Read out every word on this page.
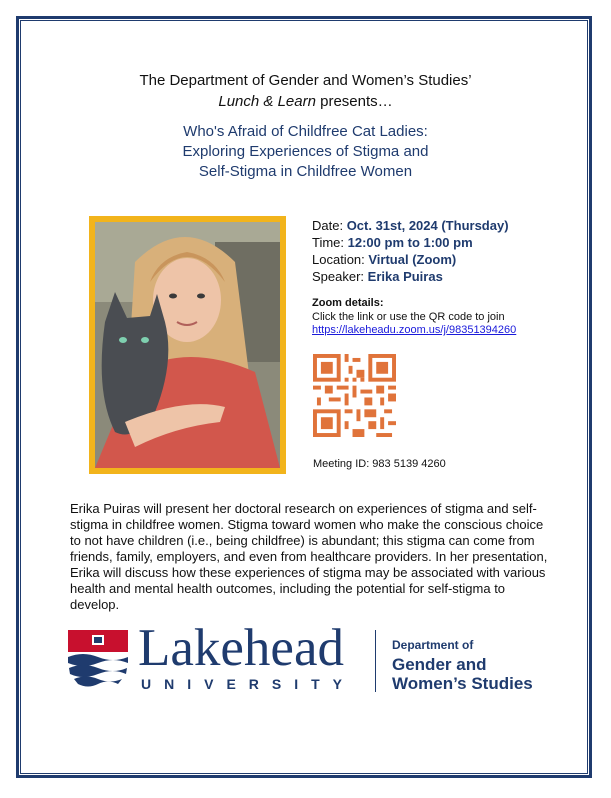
The Department of Gender and Women’s Studies’
Lunch & Learn presents…
Who's Afraid of Childfree Cat Ladies:
Exploring Experiences of Stigma and
Self-Stigma in Childfree Women
Date: Oct. 31st, 2024 (Thursday)
Time: 12:00 pm to 1:00 pm
Location: Virtual (Zoom)
Speaker: Erika Puiras
Zoom details:
Click the link or use the QR code to join
https://lakeheadu.zoom.us/j/98351394260
Meeting ID: 983 5139 4260
Erika Puiras will present her doctoral research on experiences of stigma and self-stigma in childfree women. Stigma toward women who make the conscious choice to not have children (i.e., being childfree) is abundant; this stigma can come from friends, family, employers, and even from healthcare providers. In her presentation, Erika will discuss how these experiences of stigma may be associated with various health and mental health outcomes, including the potential for self-stigma to develop.
Lakehead
UNIVERSITY
Department of
Gender and
Women’s Studies
